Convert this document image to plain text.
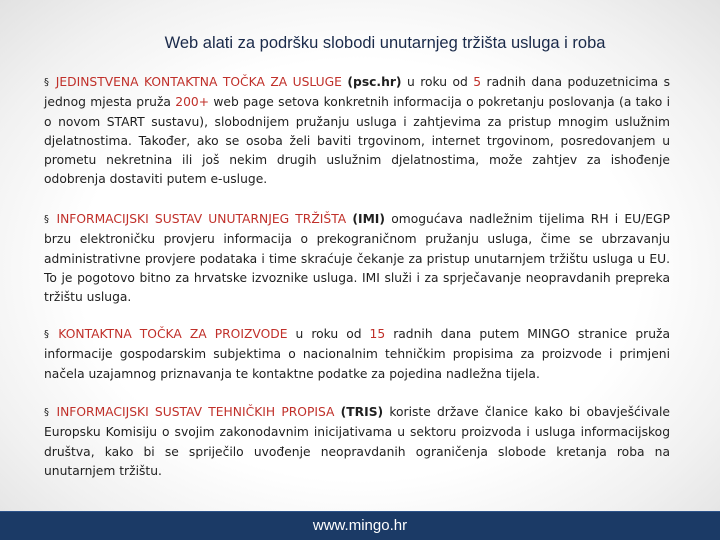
Web alati za podršku slobodi unutarnjeg tržišta usluga i roba

§ JEDINSTVENA KONTAKTNA TOČKA ZA USLUGE (psc.hr) u roku od 5 radnih dana poduzetnicima s jednog mjesta pruža 200+ web page setova konkretnih informacija o pokretanju poslovanja (a tako i o novom START sustavu), slobodnijem pružanju usluga i zahtjevima za pristup mnogim uslužnim djelatnostima. Također, ako se osoba želi baviti trgovinom, internet trgovinom, posredovanjem u prometu nekretnina ili još nekim drugih uslužnim djelatnostima, može zahtjev za ishođenje odobrenja dostaviti putem e-usluge.

§ INFORMACIJSKI SUSTAV UNUTARNJEG TRŽIŠTA (IMI) omogućava nadležnim tijelima RH i EU/EGP brzu elektroničku provjeru informacija o prekograničnom pružanju usluga, čime se ubrzavanju administrativne provjere podataka i time skraćuje čekanje za pristup unutarnjem tržištu usluga u EU. To je pogotovo bitno za hrvatske izvoznike usluga. IMI služi i za sprječavanje neopravdanih prepreka tržištu usluga.

§ KONTAKTNA TOČKA ZA PROIZVODE u roku od 15 radnih dana putem MINGO stranice pruža informacije gospodarskim subjektima o nacionalnim tehničkim propisima za proizvode i primjeni načela uzajamnog priznavanja te kontaktne podatke za pojedina nadležna tijela.

§ INFORMACIJSKI SUSTAV TEHNIČKIH PROPISA (TRIS) koriste države članice kako bi obavješćivale Europsku Komisiju o svojim zakonodavnim inicijativama u sektoru proizvoda i usluga informacijskog društva, kako bi se spriječilo uvođenje neopravdanih ograničenja slobode kretanja roba na unutarnjem tržištu.

www.mingo.hr
